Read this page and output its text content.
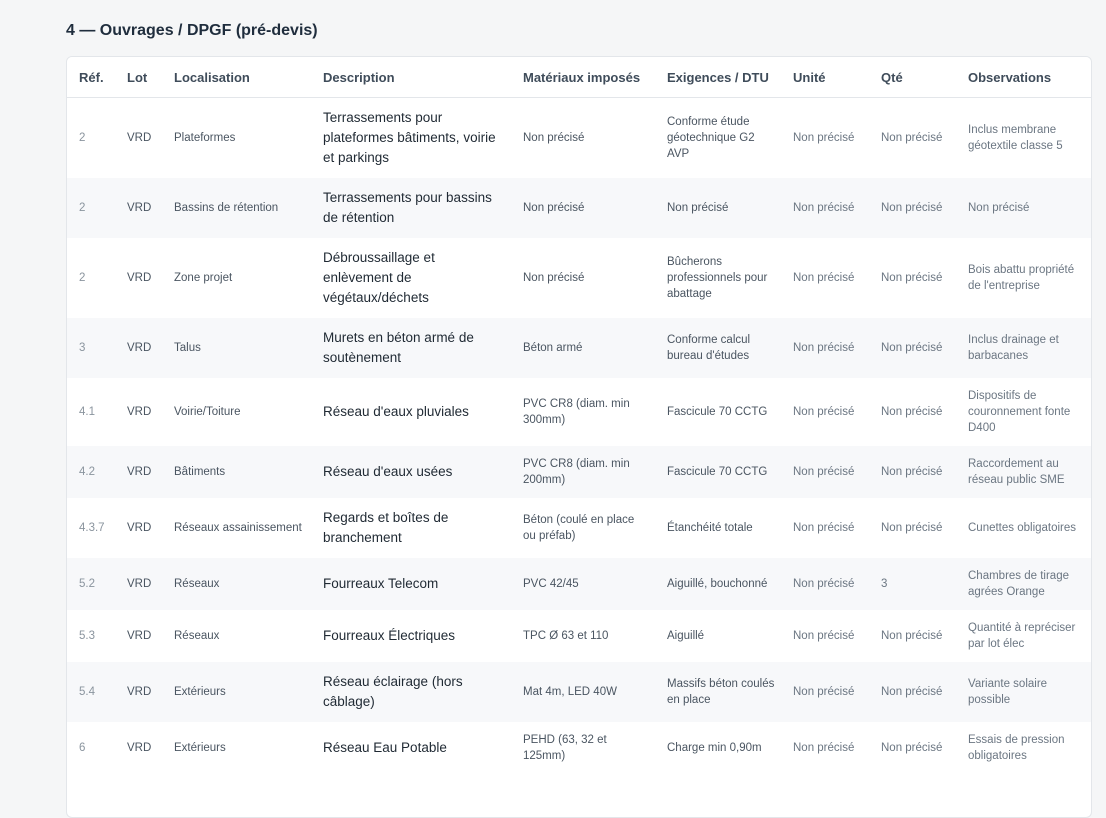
4 — Ouvrages / DPGF (pré-devis)
Réf.	Lot	Localisation	Description	Matériaux imposés	Exigences / DTU	Unité	Qté	Observations
2	VRD	Plateformes	Terrassements pour plateformes bâtiments, voirie et parkings	Non précisé	Conforme étude géotechnique G2 AVP	Non précisé	Non précisé	Inclus membrane géotextile classe 5
2	VRD	Bassins de rétention	Terrassements pour bassins de rétention	Non précisé	Non précisé	Non précisé	Non précisé	Non précisé
2	VRD	Zone projet	Débroussaillage et enlèvement de végétaux/déchets	Non précisé	Bûcherons professionnels pour abattage	Non précisé	Non précisé	Bois abattu propriété de l'entreprise
3	VRD	Talus	Murets en béton armé de soutènement	Béton armé	Conforme calcul bureau d'études	Non précisé	Non précisé	Inclus drainage et barbacanes
4.1	VRD	Voirie/Toiture	Réseau d'eaux pluviales	PVC CR8 (diam. min 300mm)	Fascicule 70 CCTG	Non précisé	Non précisé	Dispositifs de couronnement fonte D400
4.2	VRD	Bâtiments	Réseau d'eaux usées	PVC CR8 (diam. min 200mm)	Fascicule 70 CCTG	Non précisé	Non précisé	Raccordement au réseau public SME
4.3.7	VRD	Réseaux assainissement	Regards et boîtes de branchement	Béton (coulé en place ou préfab)	Étanchéité totale	Non précisé	Non précisé	Cunettes obligatoires
5.2	VRD	Réseaux	Fourreaux Telecom	PVC 42/45	Aiguillé, bouchonné	Non précisé	3	Chambres de tirage agrées Orange
5.3	VRD	Réseaux	Fourreaux Électriques	TPC Ø 63 et 110	Aiguillé	Non précisé	Non précisé	Quantité à repréciser par lot élec
5.4	VRD	Extérieurs	Réseau éclairage (hors câblage)	Mat 4m, LED 40W	Massifs béton coulés en place	Non précisé	Non précisé	Variante solaire possible
6	VRD	Extérieurs	Réseau Eau Potable	PEHD (63, 32 et 125mm)	Charge min 0,90m	Non précisé	Non précisé	Essais de pression obligatoires
